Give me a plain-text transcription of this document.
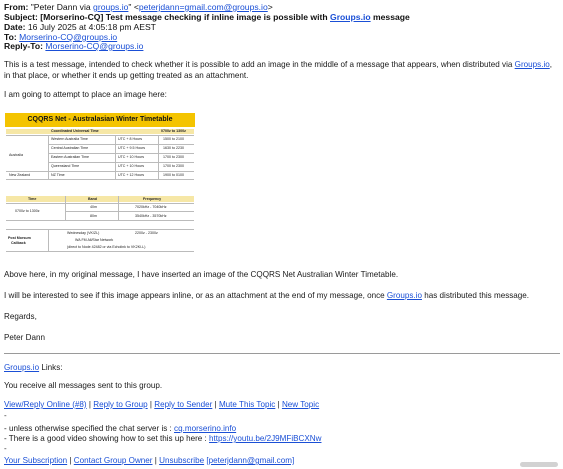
From: "Peter Dann via groups.io" <peterjdann=gmail.com@groups.io>
Subject: [Morserino-CQ] Test message checking if inline image is possible with Groups.io message
Date: 16 July 2025 at 4:05:18 pm AEST
To: Morserino-CQ@groups.io
Reply-To: Morserino-CQ@groups.io
This is a test message, intended to check whether it is possible to add an image in the middle of a message that appears, when distributed via Groups.io, in that place, or whether it ends up getting treated as an attachment.
I am going to attempt to place an image here:
CQQRS Net - Australasian Winter Timetable
Coordinated Universal Time	0700z to 1300z
Australia
Western Australia Time	UTC + 8 Hours	1500 to 2100
Central Australian Time	UTC + 9.5 Hours	1630 to 2230
Eastern Australian Time	UTC + 10 Hours	1700 to 2300
Queensland Time	UTC + 10 Hours	1700 to 2300
New Zealand	NZ Time	UTC + 12 Hours	1900 to 0100
Time	Band	Frequency
0700z to 1300z
40m	7020kHz - 7040kHz
80m	3540kHz - 3570kHz
Post Morsum
Callback
Wednesday (VK/ZL)	2200z - 2300z
WA FM All/Star Network
(direct to Node 42482 or via Echolink to VK2KI-L)
Above here, in my original message, I have inserted an image of the CQQRS Net Australian Winter Timetable.
I will be interested to see if this image appears inline, or as an attachment at the end of my message, once Groups.io has distributed this message.
Regards,
Peter Dann
Groups.io Links:
You receive all messages sent to this group.
View/Reply Online (#8) | Reply to Group | Reply to Sender | Mute This Topic | New Topic
-
- unless otherwise specified the chat server is : cq.morserino.info
- There is a good video showing how to set this up here : https://youtu.be/2J9MFiBCXNw
-
Your Subscription | Contact Group Owner | Unsubscribe [peterjdann@gmail.com]
